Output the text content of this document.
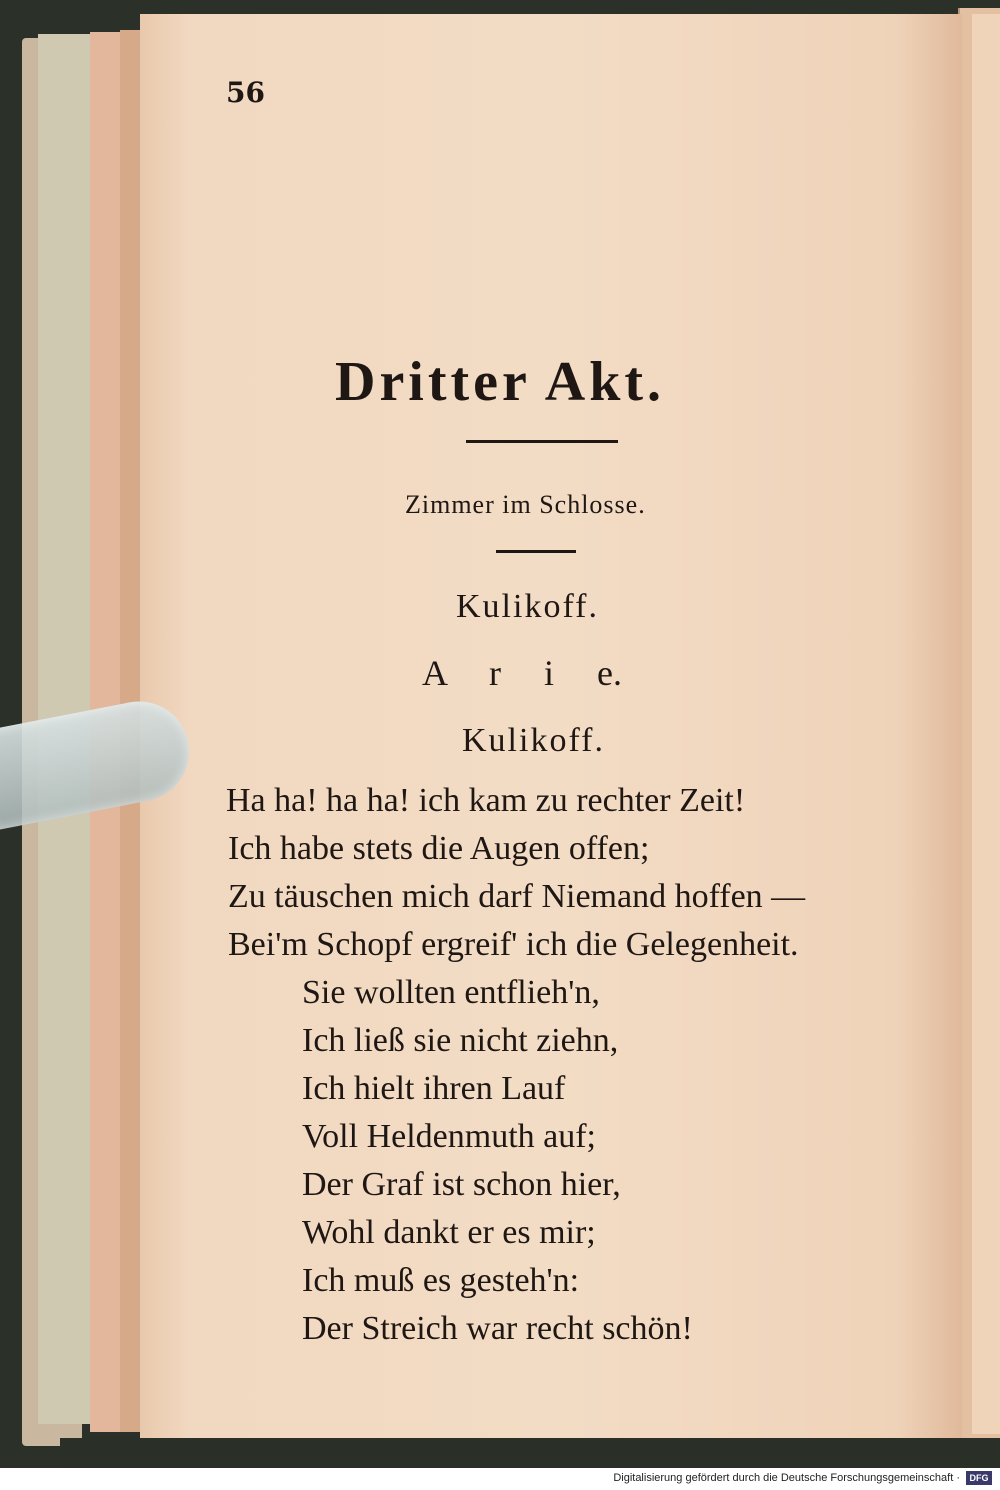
56
Dritter Akt.
Zimmer im Schlosse.
Kulikoff.
A r i e.
Kulikoff.
Ha ha! ha ha! ich kam zu rechter Zeit!
Ich habe stets die Augen offen;
Zu täuschen mich darf Niemand hoffen —
Bei'm Schopf ergreif' ich die Gelegenheit.
Sie wollten entflieh'n,
Ich ließ sie nicht ziehn,
Ich hielt ihren Lauf
Voll Heldenmuth auf;
Der Graf ist schon hier,
Wohl dankt er es mir;
Ich muß es gesteh'n:
Der Streich war recht schön!
Digitalisierung gefördert durch die Deutsche Forschungsgemeinschaft ·	DFG
